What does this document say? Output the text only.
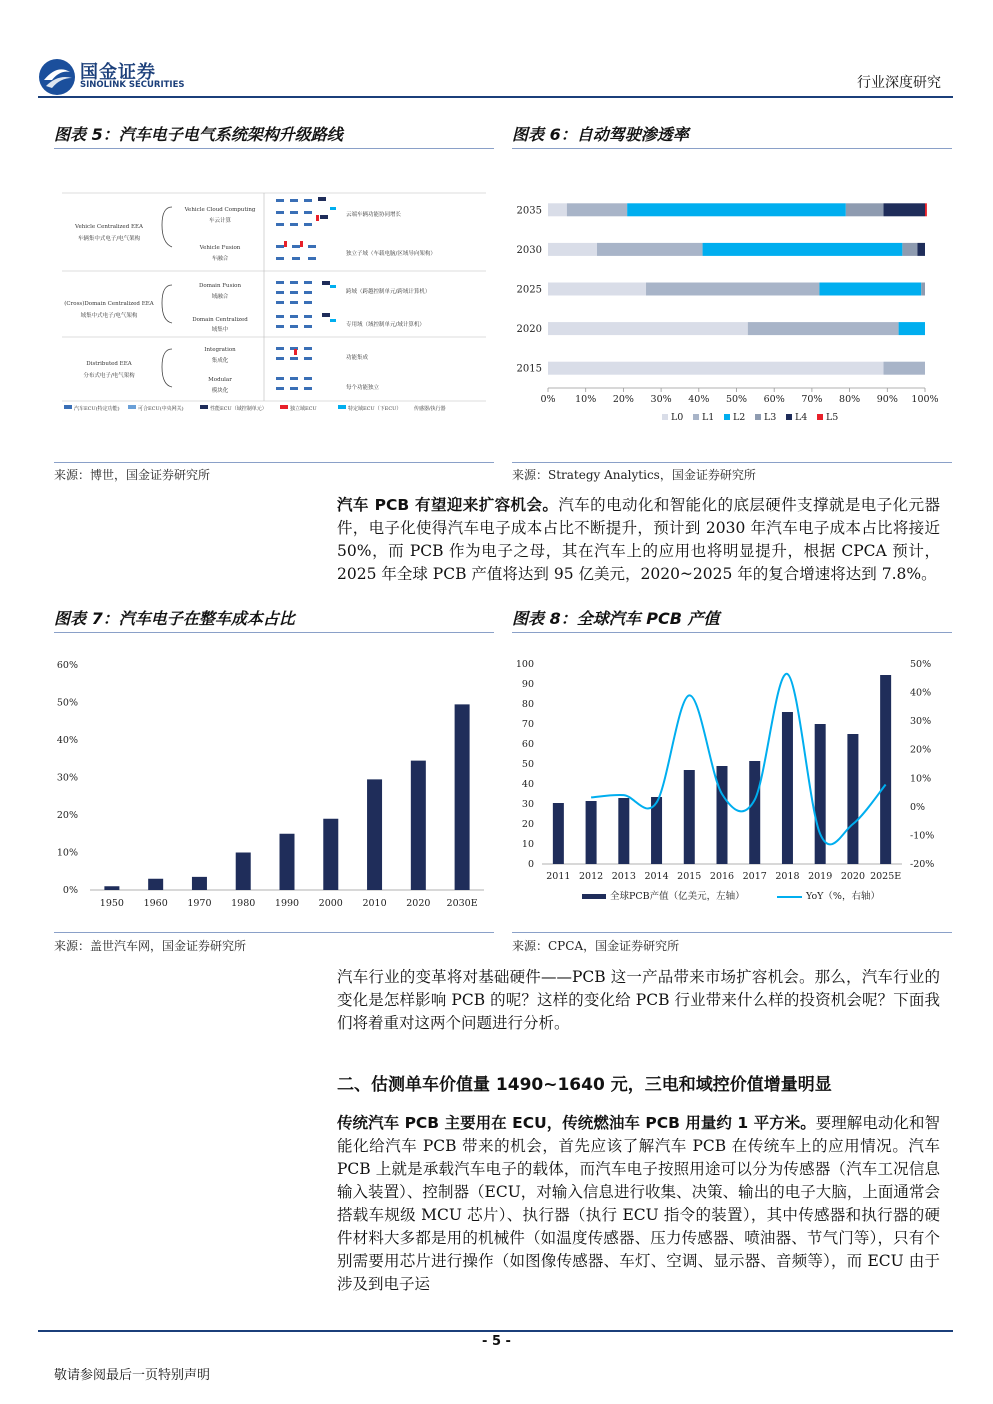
国金证券
SINOLINK SECURITIES	行业深度研究
图表 5：汽车电子电气系统架构升级路线
Vehicle Centralized EEA
车辆集中式电子/电气架构
(Cross)Domain Centralized EEA
域集中式电子/电气架构
Distributed EEA
分布式电子/电气架构
Vehicle Cloud Computing
车云计算
Vehicle Fusion
车融合
Domain Fusion
域融合
Domain Centralized
域集中
Integration
集成化
Modular
模块化
云端车辆功能协同增长
独立子域（车载电脑/区域导向架构）
跨域（跨越控制单元/跨域计算机）
专用域（域控制单元/域计算机）
功能集成
每个功能独立
汽车ECU(特定功能)	可合ECU(中央网关)	性能ECU（域控制单元）	独立域ECU	特定域ECU（下ECU）	传感器/执行器
来源：博世，国金证券研究所
图表 6：自动驾驶渗透率
0% 10% 20% 30% 40% 50% 60% 70% 80% 90% 100%
2035
2030
2025
2020
2015
L0 L1 L2 L3 L4 L5
来源：Strategy Analytics，国金证券研究所
汽车 PCB 有望迎来扩容机会。汽车的电动化和智能化的底层硬件支撑就是电子化元器件，电子化使得汽车电子成本占比不断提升，预计到 2030 年汽车电子成本占比将接近 50%，而 PCB 作为电子之母，其在汽车上的应用也将明显提升，根据 CPCA 预计，2025 年全球 PCB 产值将达到 95 亿美元，2020~2025 年的复合增速将达到 7.8%。
图表 7：汽车电子在整车成本占比
0%
10%
20%
30%
40%
50%
60%
1950 1960 1970 1980 1990 2000 2010 2020 2030E
来源：盖世汽车网，国金证券研究所
图表 8：全球汽车 PCB 产值
0
10
20
30
40
50
60
70
80
90
100
-20%
-10%
0%
10%
20%
30%
40%
50%
2011 2012 2013 2014 2015 2016 2017 2018 2019 2020 2025E
全球PCB产值（亿美元，左轴）	YoY（%，右轴）
来源：CPCA，国金证券研究所
汽车行业的变革将对基础硬件——PCB 这一产品带来市场扩容机会。那么，汽车行业的变化是怎样影响 PCB 的呢？这样的变化给 PCB 行业带来什么样的投资机会呢？下面我们将着重对这两个问题进行分析。
二、估测单车价值量 1490~1640 元，三电和域控价值增量明显
传统汽车 PCB 主要用在 ECU，传统燃油车 PCB 用量约 1 平方米。要理解电动化和智能化给汽车 PCB 带来的机会，首先应该了解汽车 PCB 在传统车上的应用情况。汽车 PCB 上就是承载汽车电子的载体，而汽车电子按照用途可以分为传感器（汽车工况信息输入装置）、控制器（ECU，对输入信息进行收集、决策、输出的电子大脑，上面通常会搭载车规级 MCU 芯片）、执行器（执行 ECU 指令的装置），其中传感器和执行器的硬件材料大多都是用的机械件（如温度传感器、压力传感器、喷油器、节气门等），只有个别需要用芯片进行操作（如图像传感器、车灯、空调、显示器、音频等），而 ECU 由于涉及到电子运
- 5 -
敬请参阅最后一页特别声明
